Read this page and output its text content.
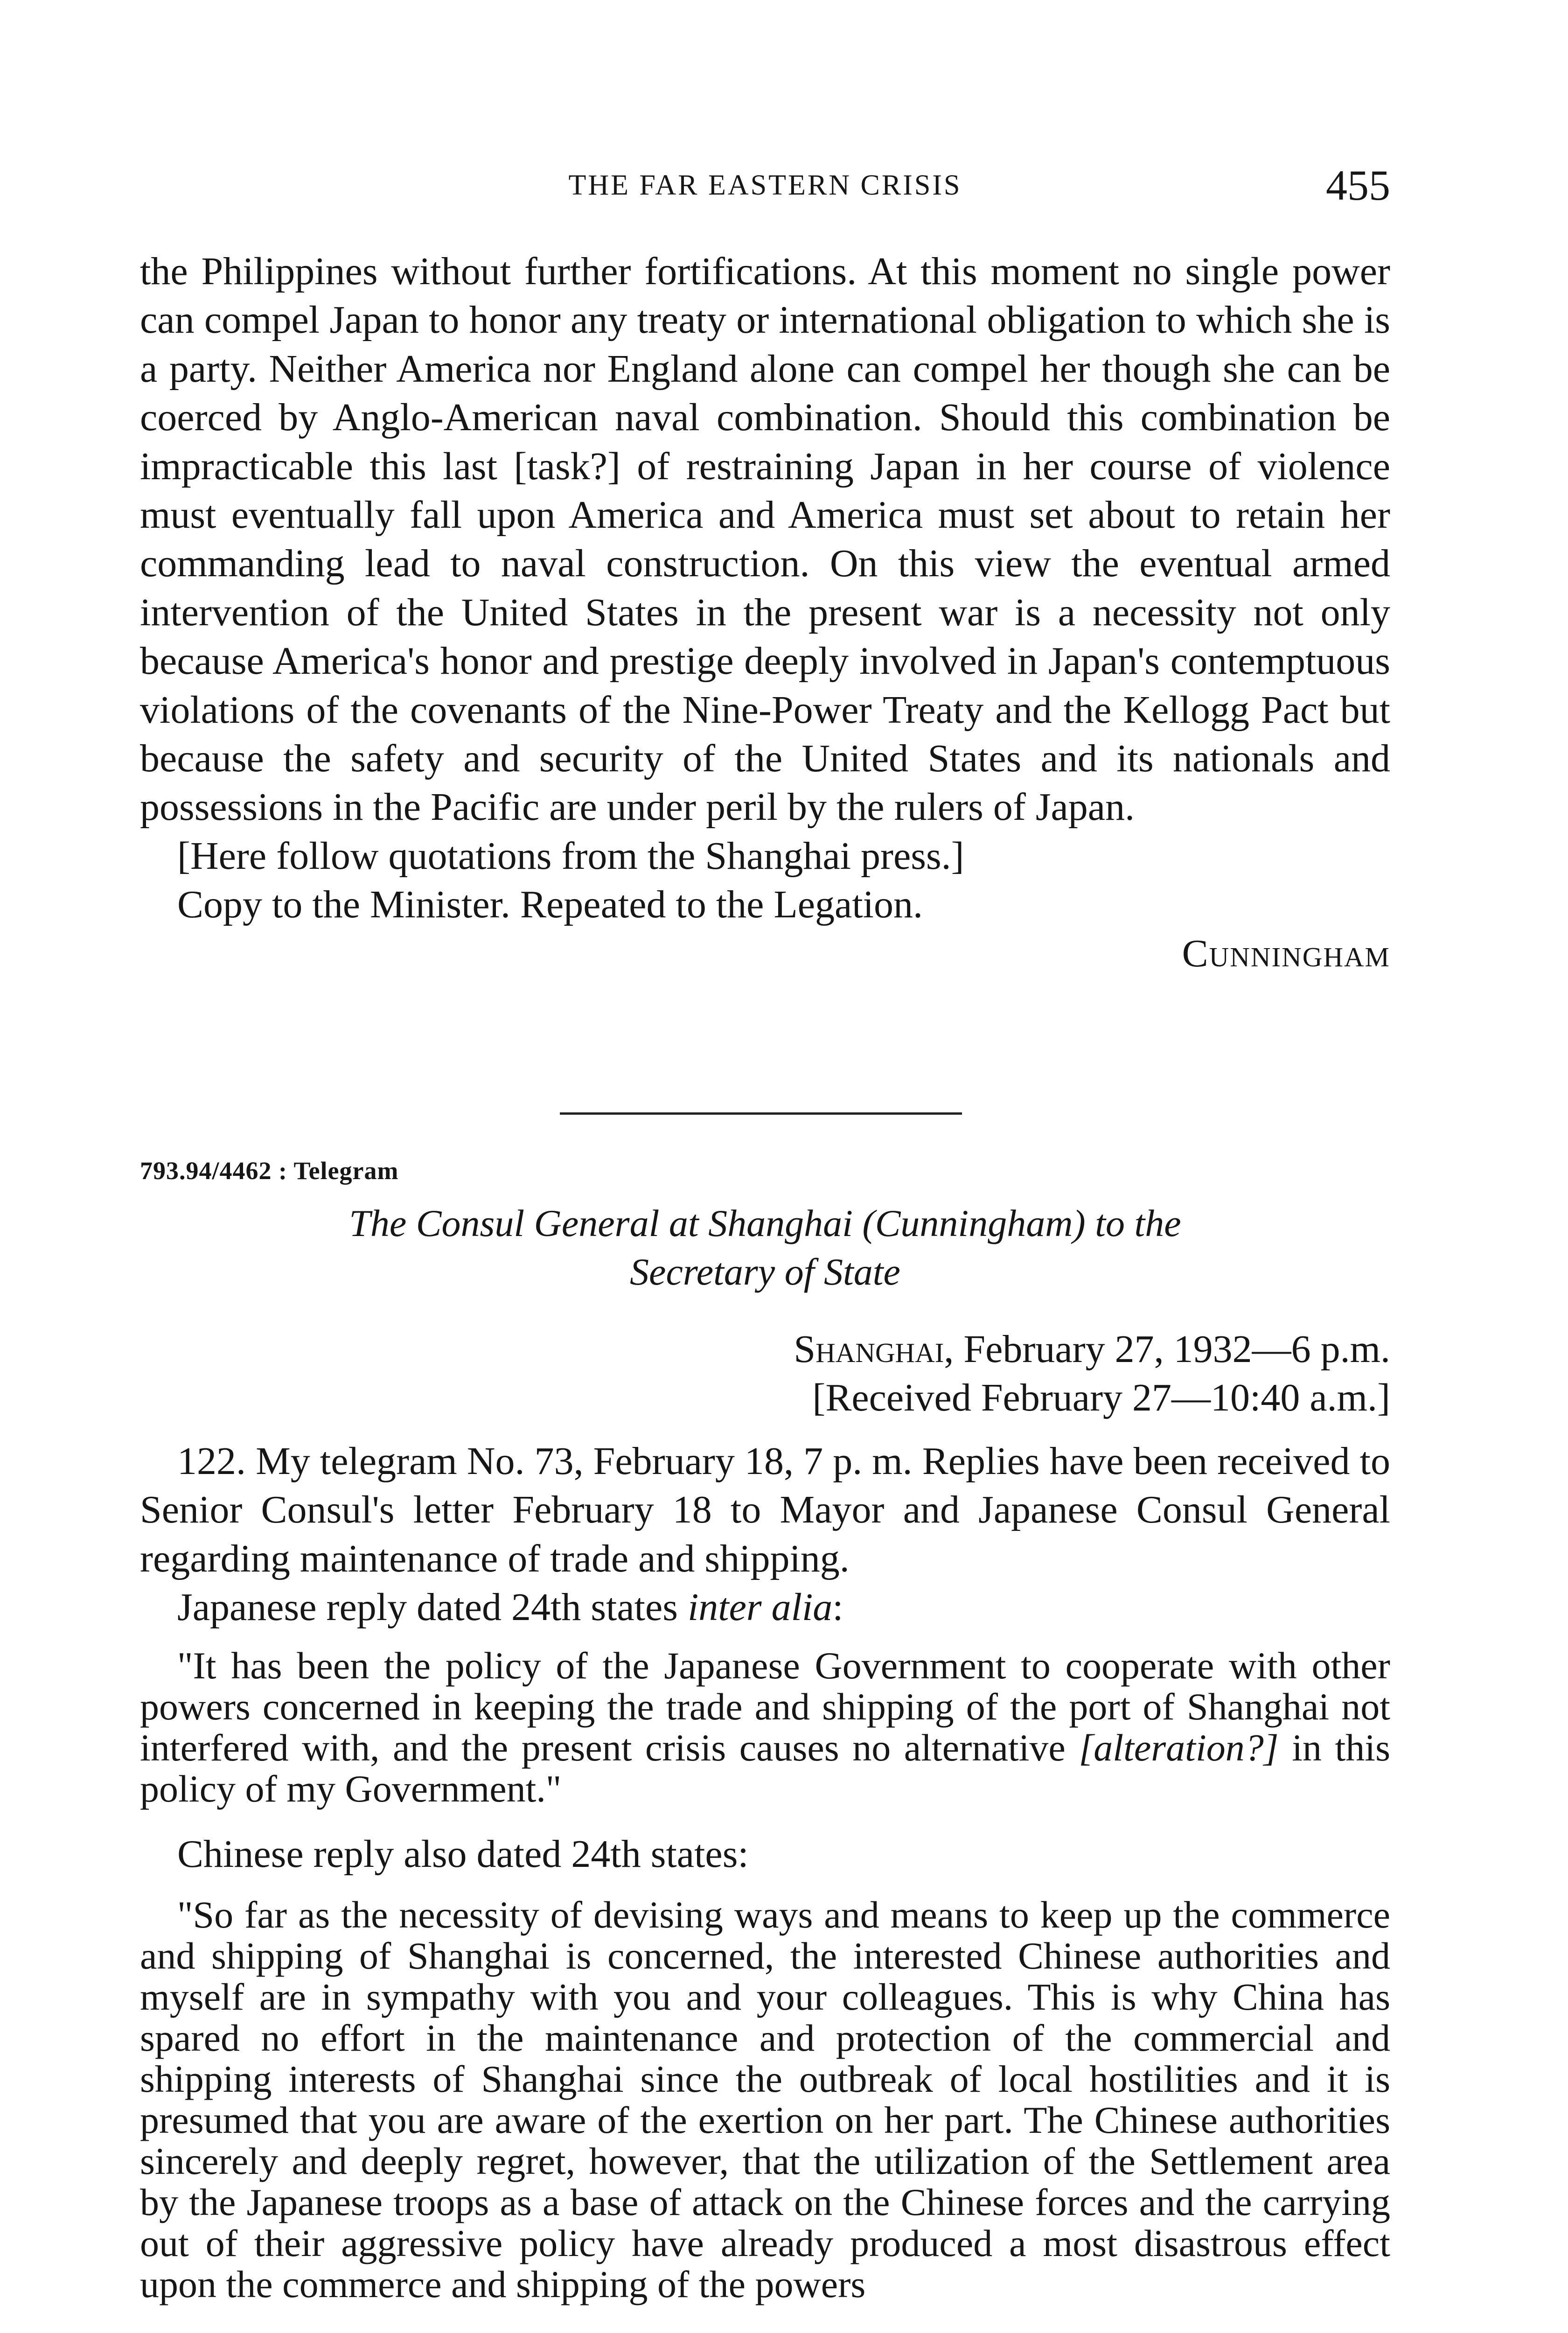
THE FAR EASTERN CRISIS	455

the Philippines without further fortifications. At this moment no single power can compel Japan to honor any treaty or international obligation to which she is a party. Neither America nor England alone can compel her though she can be coerced by Anglo-American naval combination. Should this combination be impracticable this last [task?] of restraining Japan in her course of violence must eventually fall upon America and America must set about to retain her commanding lead to naval construction. On this view the eventual armed intervention of the United States in the present war is a necessity not only because America's honor and prestige deeply involved in Japan's contemptuous violations of the covenants of the Nine-Power Treaty and the Kellogg Pact but because the safety and security of the United States and its nationals and possessions in the Pacific are under peril by the rulers of Japan.

[Here follow quotations from the Shanghai press.]

Copy to the Minister. Repeated to the Legation.

Cunningham
793.94/4462 : Telegram
The Consul General at Shanghai (Cunningham) to the
Secretary of State
Shanghai, February 27, 1932—6 p.m.
[Received February 27—10:40 a.m.]

122. My telegram No. 73, February 18, 7 p. m. Replies have been received to Senior Consul's letter February 18 to Mayor and Japanese Consul General regarding maintenance of trade and shipping.

Japanese reply dated 24th states inter alia:

"It has been the policy of the Japanese Government to cooperate with other powers concerned in keeping the trade and shipping of the port of Shanghai not interfered with, and the present crisis causes no alternative [alteration?] in this policy of my Government."

Chinese reply also dated 24th states:

"So far as the necessity of devising ways and means to keep up the commerce and shipping of Shanghai is concerned, the interested Chinese authorities and myself are in sympathy with you and your colleagues. This is why China has spared no effort in the maintenance and protection of the commercial and shipping interests of Shanghai since the outbreak of local hostilities and it is presumed that you are aware of the exertion on her part. The Chinese authorities sincerely and deeply regret, however, that the utilization of the Settlement area by the Japanese troops as a base of attack on the Chinese forces and the carrying out of their aggressive policy have already produced a most disastrous effect upon the commerce and shipping of the powers
